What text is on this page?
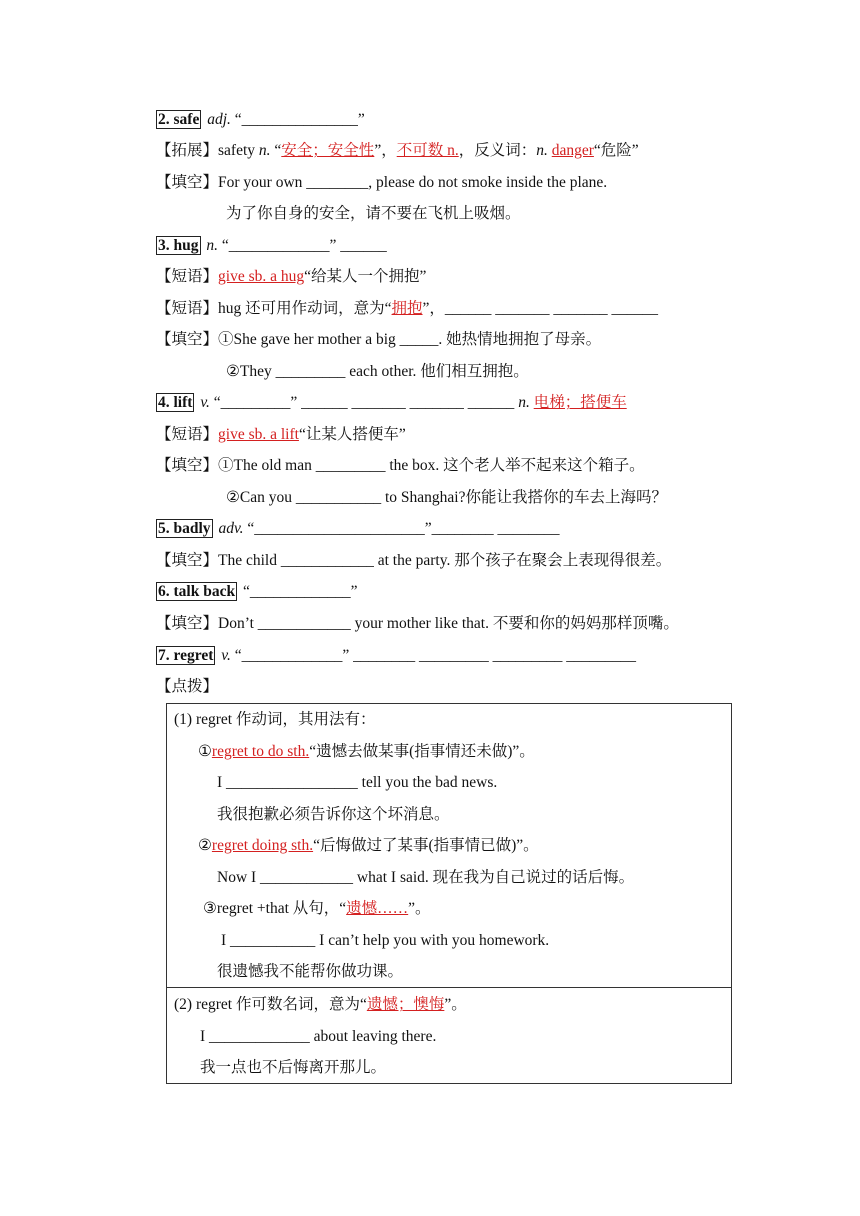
2. safe adj. “_______________”
【拓展】safety n. “安全；安全性”，不可数 n.，反义词：n. danger“危险”
【填空】For your own ________, please do not smoke inside the plane.
为了你自身的安全，请不要在飞机上吸烟。
3. hug n. “_____________” ______
【短语】give sb. a hug“给某人一个拥抱”
【短语】hug 还可用作动词，意为“拥抱”，______ _______ _______ ______
【填空】①She gave her mother a big _____. 她热情地拥抱了母亲。
②They _________ each other. 他们相互拥抱。
4. lift v. “_________” ______ _______ _______ ______ n. 电梯；搭便车
【短语】give sb. a lift“让某人搭便车”
【填空】①The old man _________ the box. 这个老人举不起来这个箱子。
②Can you ___________ to Shanghai?你能让我搭你的车去上海吗？
5. badly adv. “______________________”________ ________
【填空】The child ____________ at the party. 那个孩子在聚会上表现得很差。
6. talk back “_____________”
【填空】Don’t ____________ your mother like that. 不要和你的妈妈那样顶嘴。
7. regret v. “_____________” ________ _________ _________ _________
【点拨】
(1) regret 作动词，其用法有：
①regret to do sth.“遗憾去做某事(指事情还未做)”。
I _________________ tell you the bad news.
我很抱歉必须告诉你这个坏消息。
②regret doing sth.“后悔做过了某事(指事情已做)”。
Now I ____________ what I said. 现在我为自己说过的话后悔。
③regret +that 从句，“遗憾……”。
I ___________ I can’t help you with you homework.
很遗憾我不能帮你做功课。
(2) regret 作可数名词，意为“遗憾；懊悔”。
I _____________ about leaving there.
我一点也不后悔离开那儿。
